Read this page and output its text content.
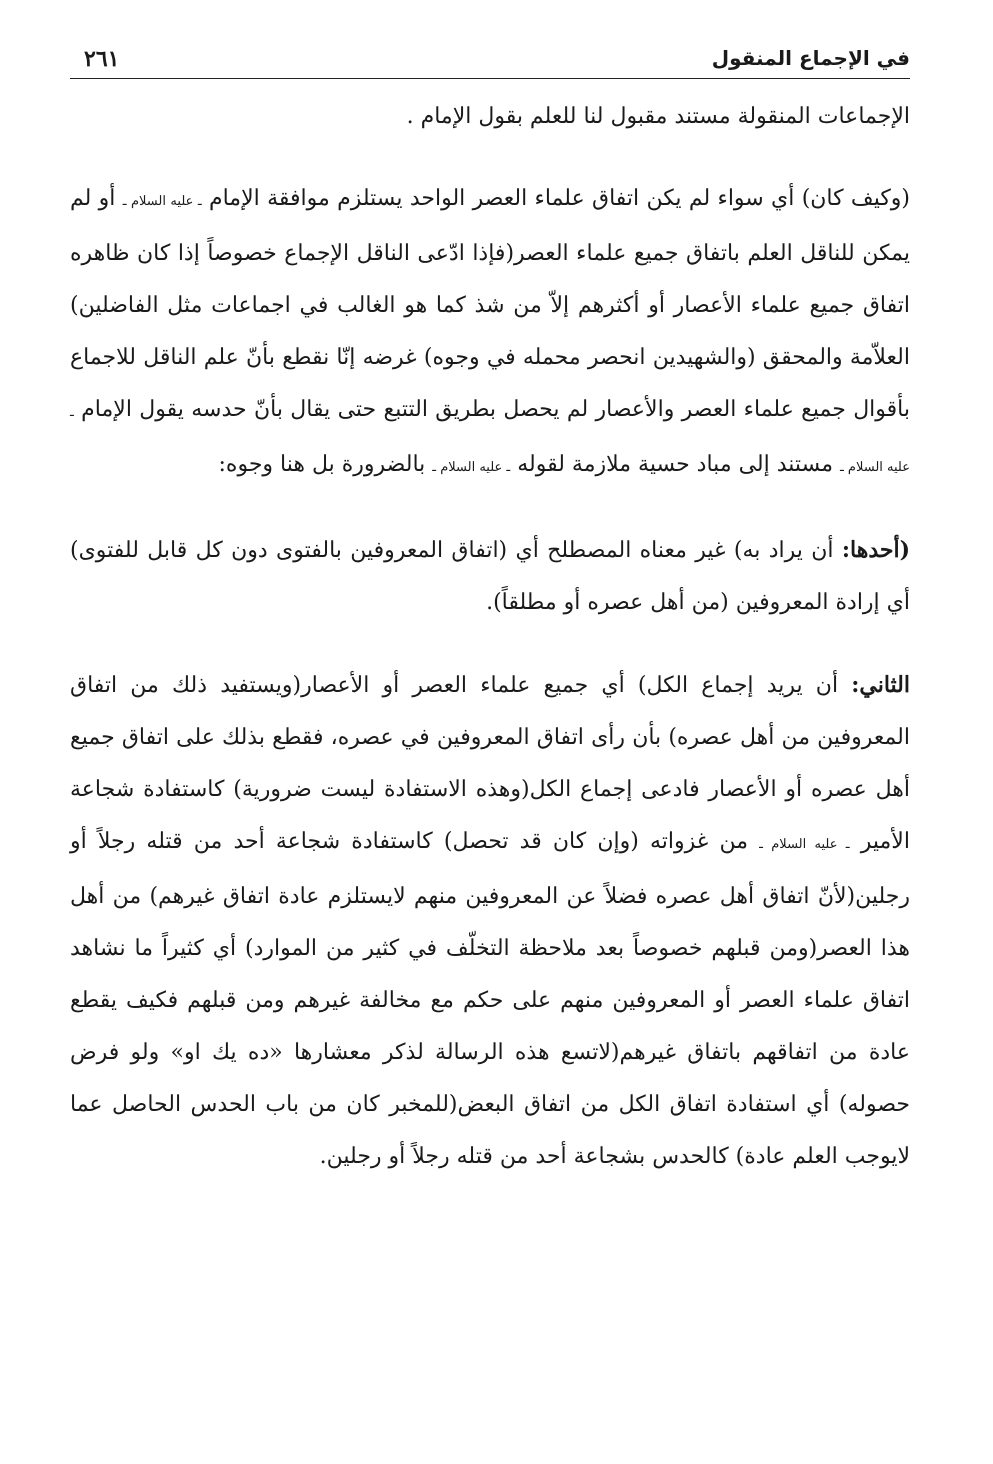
في الإجماع المنقول
٢٦١

الإجماعات المنقولة مستند مقبول لنا للعلم بقول الإمام .

(وكيف كان) أي سواء لم يكن اتفاق علماء العصر الواحد يستلزم موافقة الإمام ـ عليه السلام ـ أو لم يمكن للناقل العلم باتفاق جميع علماء العصر(فإذا ادّعى الناقل الإجماع خصوصاً إذا كان ظاهره اتفاق جميع علماء الأعصار أو أكثرهم إلاّ من شذ كما هو الغالب في اجماعات مثل الفاضلين) العلاّمة والمحقق (والشهيدين انحصر محمله في وجوه) غرضه إنّا نقطع بأنّ علم الناقل للاجماع بأقوال جميع علماء العصر والأعصار لم يحصل بطريق التتبع حتى يقال بأنّ حدسه يقول الإمام ـ عليه السلام ـ مستند إلى مباد حسية ملازمة لقوله ـ عليه السلام ـ بالضرورة بل هنا وجوه:

(أحدها: أن يراد به) غير معناه المصطلح أي (اتفاق المعروفين بالفتوى دون كل قابل للفتوى) أي إرادة المعروفين (من أهل عصره أو مطلقاً).

الثاني: أن يريد إجماع الكل) أي جميع علماء العصر أو الأعصار(ويستفيد ذلك من اتفاق المعروفين من أهل عصره) بأن رأى اتفاق المعروفين في عصره، فقطع بذلك على اتفاق جميع أهل عصره أو الأعصار فادعى إجماع الكل(وهذه الاستفادة ليست ضرورية) كاستفادة شجاعة الأمير ـ عليه السلام ـ من غزواته (وإن كان قد تحصل) كاستفادة شجاعة أحد من قتله رجلاً أو رجلين(لأنّ اتفاق أهل عصره فضلاً عن المعروفين منهم لايستلزم عادة اتفاق غيرهم) من أهل هذا العصر(ومن قبلهم خصوصاً بعد ملاحظة التخلّف في كثير من الموارد) أي كثيراً ما نشاهد اتفاق علماء العصر أو المعروفين منهم على حكم مع مخالفة غيرهم ومن قبلهم فكيف يقطع عادة من اتفاقهم باتفاق غيرهم(لاتسع هذه الرسالة لذكر معشارها «ده يك او» ولو فرض حصوله) أي استفادة اتفاق الكل من اتفاق البعض(للمخبر كان من باب الحدس الحاصل عما لايوجب العلم عادة) كالحدس بشجاعة أحد من قتله رجلاً أو رجلين.
